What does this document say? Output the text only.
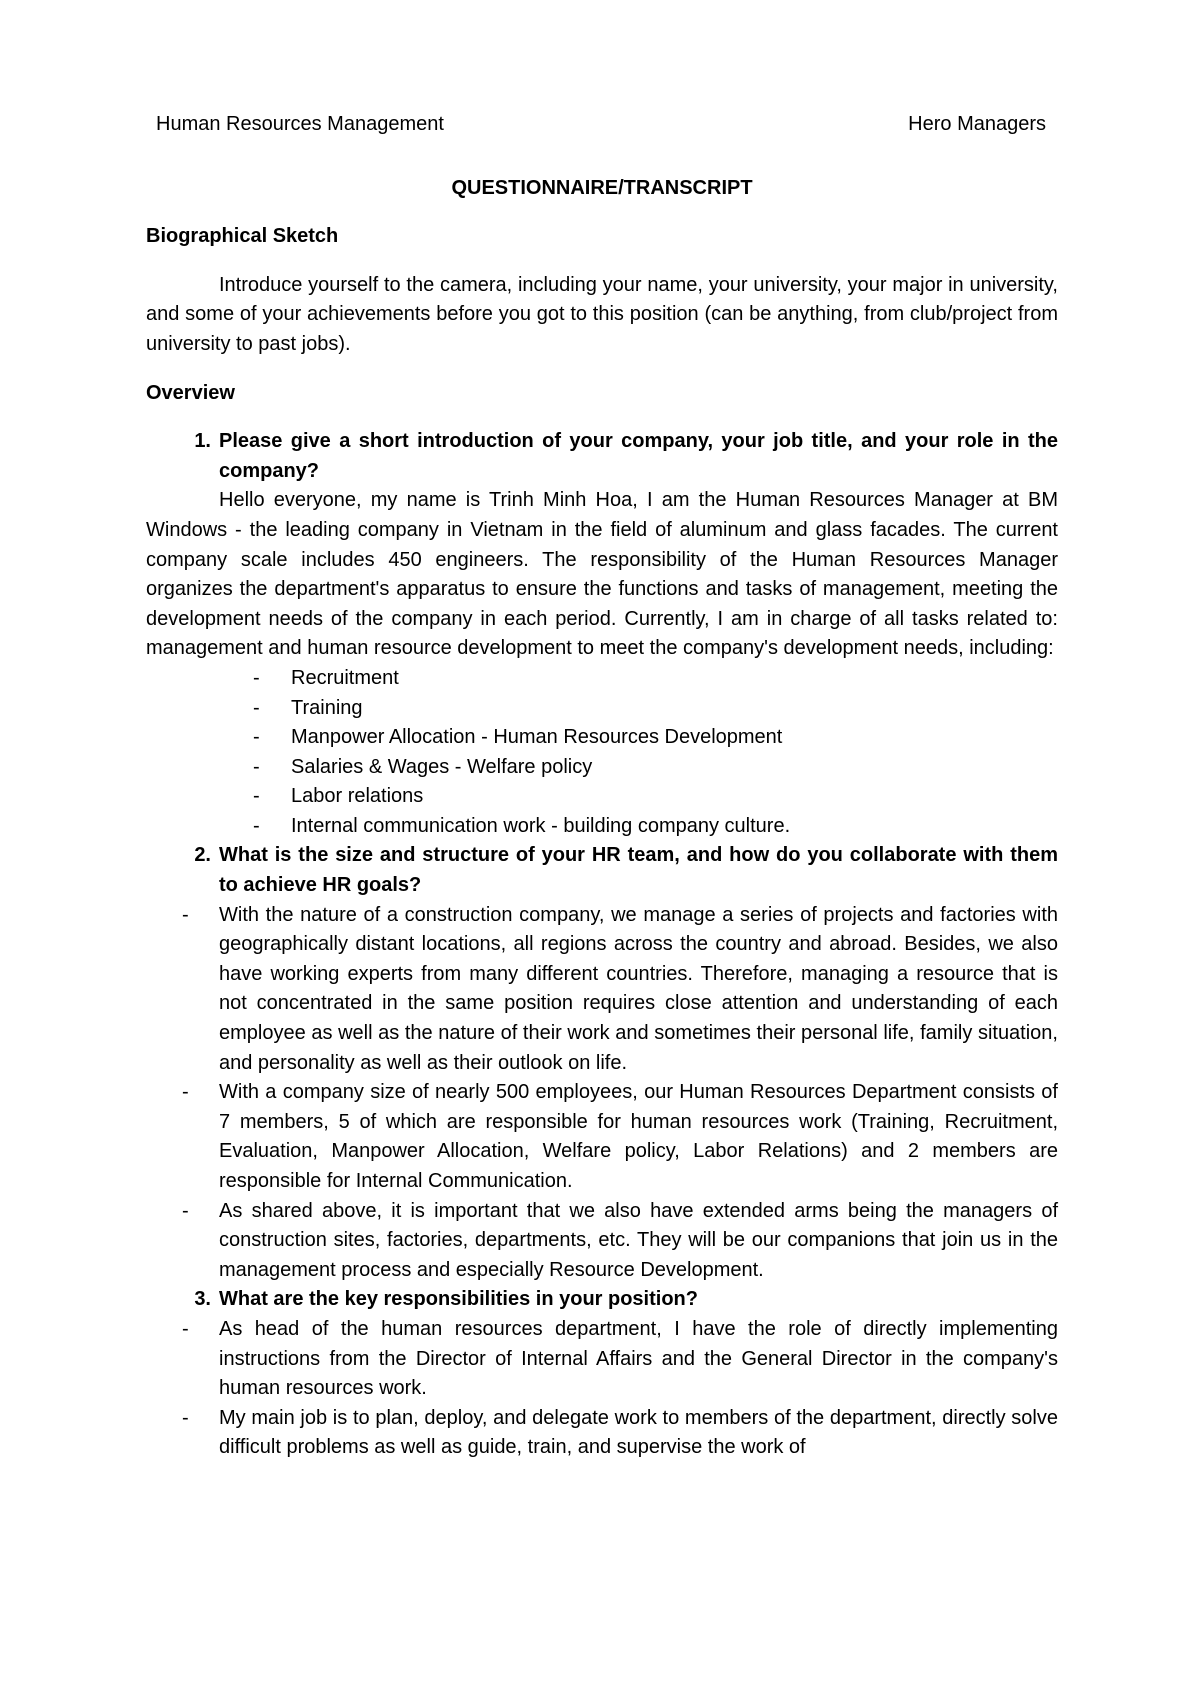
Human Resources Management	Hero Managers
QUESTIONNAIRE/TRANSCRIPT
Biographical Sketch
Introduce yourself to the camera, including your name, your university, your major in university, and some of your achievements before you got to this position (can be anything, from club/project from university to past jobs).
Overview
1. Please give a short introduction of your company, your job title, and your role in the company?
Hello everyone, my name is Trinh Minh Hoa, I am the Human Resources Manager at BM Windows - the leading company in Vietnam in the field of aluminum and glass facades. The current company scale includes 450 engineers. The responsibility of the Human Resources Manager organizes the department's apparatus to ensure the functions and tasks of management, meeting the development needs of the company in each period. Currently, I am in charge of all tasks related to: management and human resource development to meet the company's development needs, including:
-	Recruitment
-	Training
-	Manpower Allocation - Human Resources Development
-	Salaries & Wages - Welfare policy
-	Labor relations
-	Internal communication work - building company culture.
2. What is the size and structure of your HR team, and how do you collaborate with them to achieve HR goals?
-	With the nature of a construction company, we manage a series of projects and factories with geographically distant locations, all regions across the country and abroad. Besides, we also have working experts from many different countries. Therefore, managing a resource that is not concentrated in the same position requires close attention and understanding of each employee as well as the nature of their work and sometimes their personal life, family situation, and personality as well as their outlook on life.
-	With a company size of nearly 500 employees, our Human Resources Department consists of 7 members, 5 of which are responsible for human resources work (Training, Recruitment, Evaluation, Manpower Allocation, Welfare policy, Labor Relations) and 2 members are responsible for Internal Communication.
-	As shared above, it is important that we also have extended arms being the managers of construction sites, factories, departments, etc. They will be our companions that join us in the management process and especially Resource Development.
3. What are the key responsibilities in your position?
-	As head of the human resources department, I have the role of directly implementing instructions from the Director of Internal Affairs and the General Director in the company's human resources work.
-	My main job is to plan, deploy, and delegate work to members of the department, directly solve difficult problems as well as guide, train, and supervise the work of
